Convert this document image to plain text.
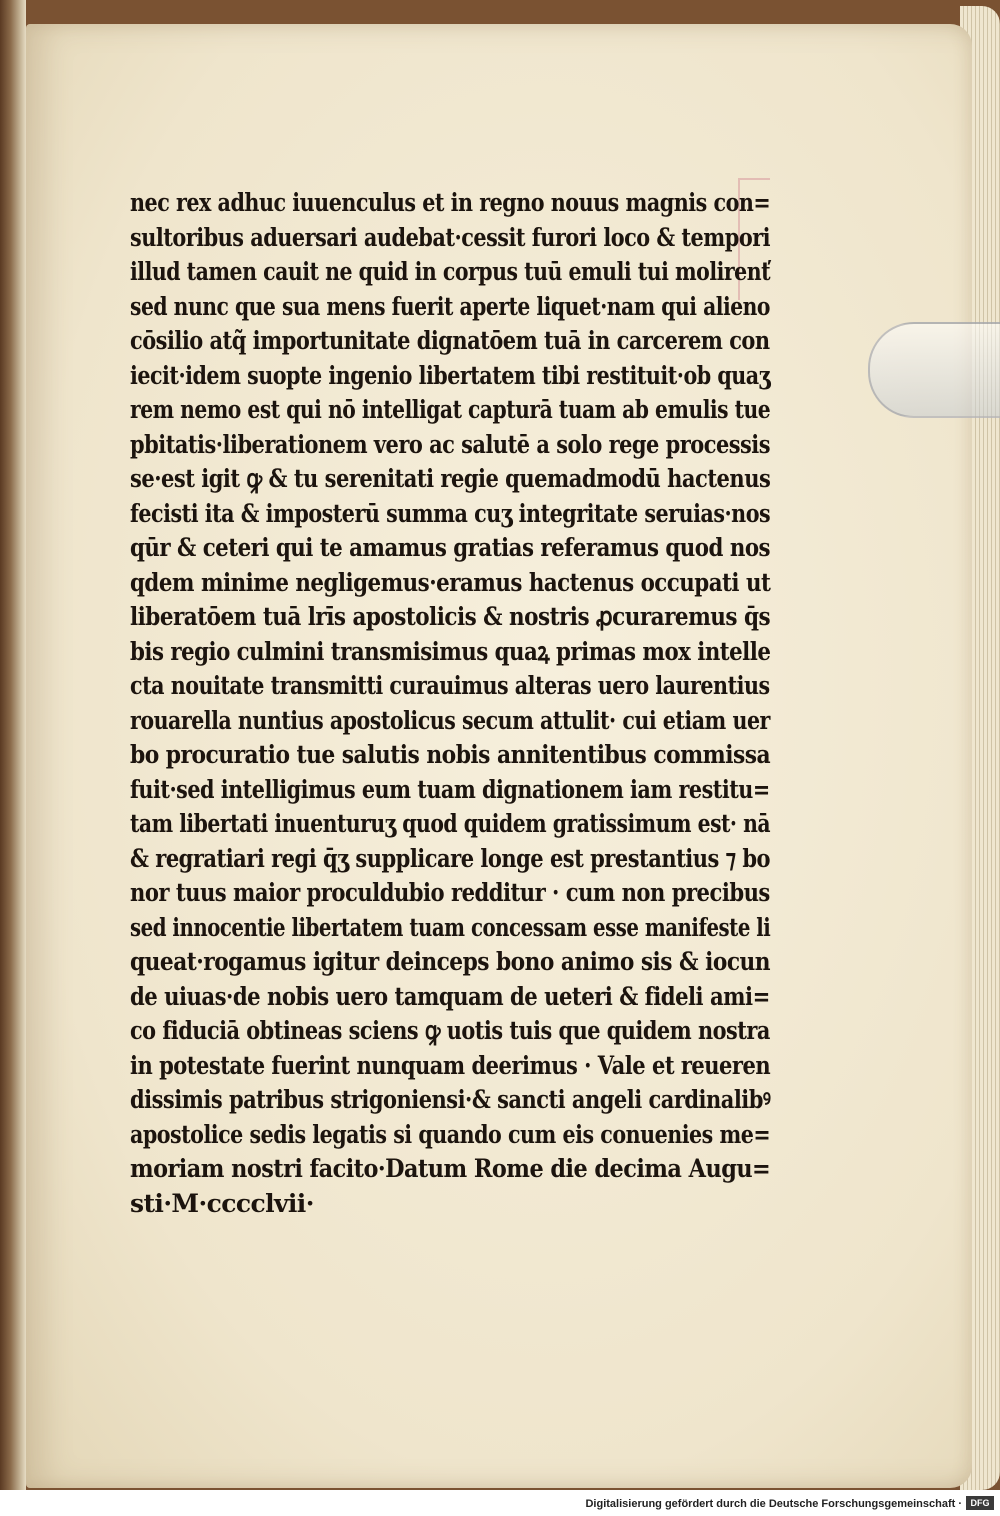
nec rex adhuc iuuenculus et in regno nouus magnis con=
sultoribus aduersari audebat·cessit furori loco & tempori
illud tamen cauit ne quid in corpus tuū emuli tui molirenť
sed nunc que sua mens fuerit aperte liquet·nam qui alieno
cōsilio atq̃ importunitate dignatōem tuā in carcerem con
iecit·idem suopte ingenio libertatem tibi restituit·ob quaʒ
rem nemo est qui nō intelligat capturā tuam ab emulis tue
pbitatis·liberationem vero ac salutē a solo rege processis
se·est igit ꝙ & tu serenitati regie quemadmodū hactenus
fecisti ita & imposterū summa cuʒ integritate seruias·nos
qūr & ceteri qui te amamus gratias referamus quod nos
qdem minime negligemus·eramus hactenus occupati ut
liberatōem tuā lrīs apostolicis & nostris ꝓcuraremus q̄s
bis regio culmini transmisimus quaꝝ primas mox intelle
cta nouitate transmitti curauimus alteras uero laurentius
rouarella nuntius apostolicus secum attulit· cui etiam uer
bo procuratio tue salutis nobis annitentibus commissa
fuit·sed intelligimus eum tuam dignationem iam restitu=
tam libertati inuenturuʒ quod quidem gratissimum est· nā
& regratiari regi q̄ʒ supplicare longe est prestantius ⁊ bo
nor tuus maior proculdubio redditur · cum non precibus
sed innocentie libertatem tuam concessam esse manifeste li
queat·rogamus igitur deinceps bono animo sis & iocun
de uiuas·de nobis uero tamquam de ueteri & fideli ami=
co fiduciā obtineas sciens ꝙ uotis tuis que quidem nostra
in potestate fuerint nunquam deerimus · Vale et reueren
dissimis patribus strigoniensi·& sancti angeli cardinalibꝰ
apostolice sedis legatis si quando cum eis conuenies me=
moriam nostri facito·Datum Rome die decima Augu=
sti·M·cccclvii·
Digitalisierung gefördert durch die Deutsche Forschungsgemeinschaft · DFG
